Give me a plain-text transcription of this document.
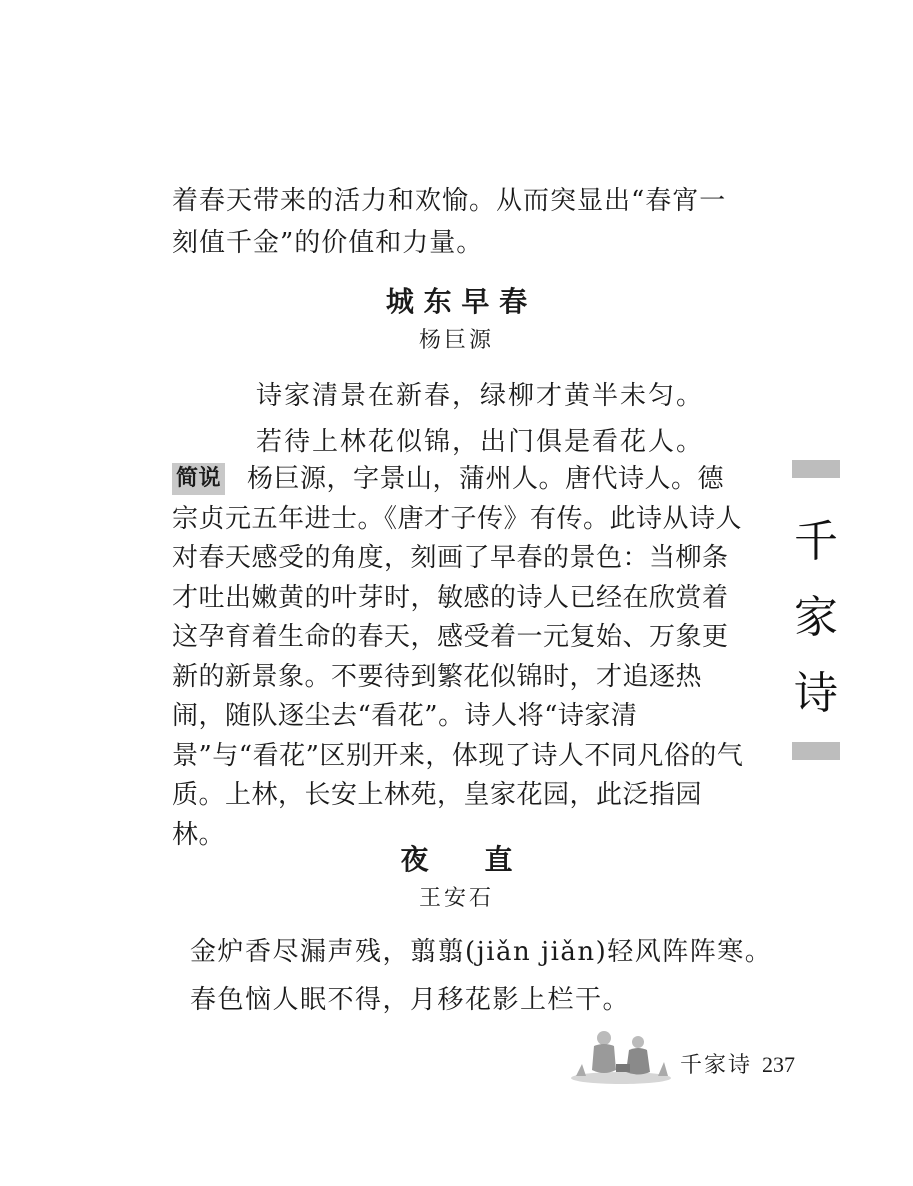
着春天带来的活力和欢愉。从而突显出“春宵一刻值千金”的价值和力量。
城 东 早 春
杨巨源
诗家清景在新春，绿柳才黄半未匀。
若待上林花似锦，出门俱是看花人。
简说 杨巨源，字景山，蒲州人。唐代诗人。德宗贞元五年进士。《唐才子传》有传。此诗从诗人对春天感受的角度，刻画了早春的景色：当柳条才吐出嫩黄的叶芽时，敏感的诗人已经在欣赏着这孕育着生命的春天，感受着一元复始、万象更新的新景象。不要待到繁花似锦时，才追逐热闹，随队逐尘去“看花”。诗人将“诗家清景”与“看花”区别开来，体现了诗人不同凡俗的气质。上林，长安上林苑，皇家花园，此泛指园林。
千
家
诗
夜　　直
王安石
金炉香尽漏声残，翦翦(jiǎn jiǎn)轻风阵阵寒。
春色恼人眠不得，月移花影上栏干。
千家诗 237
